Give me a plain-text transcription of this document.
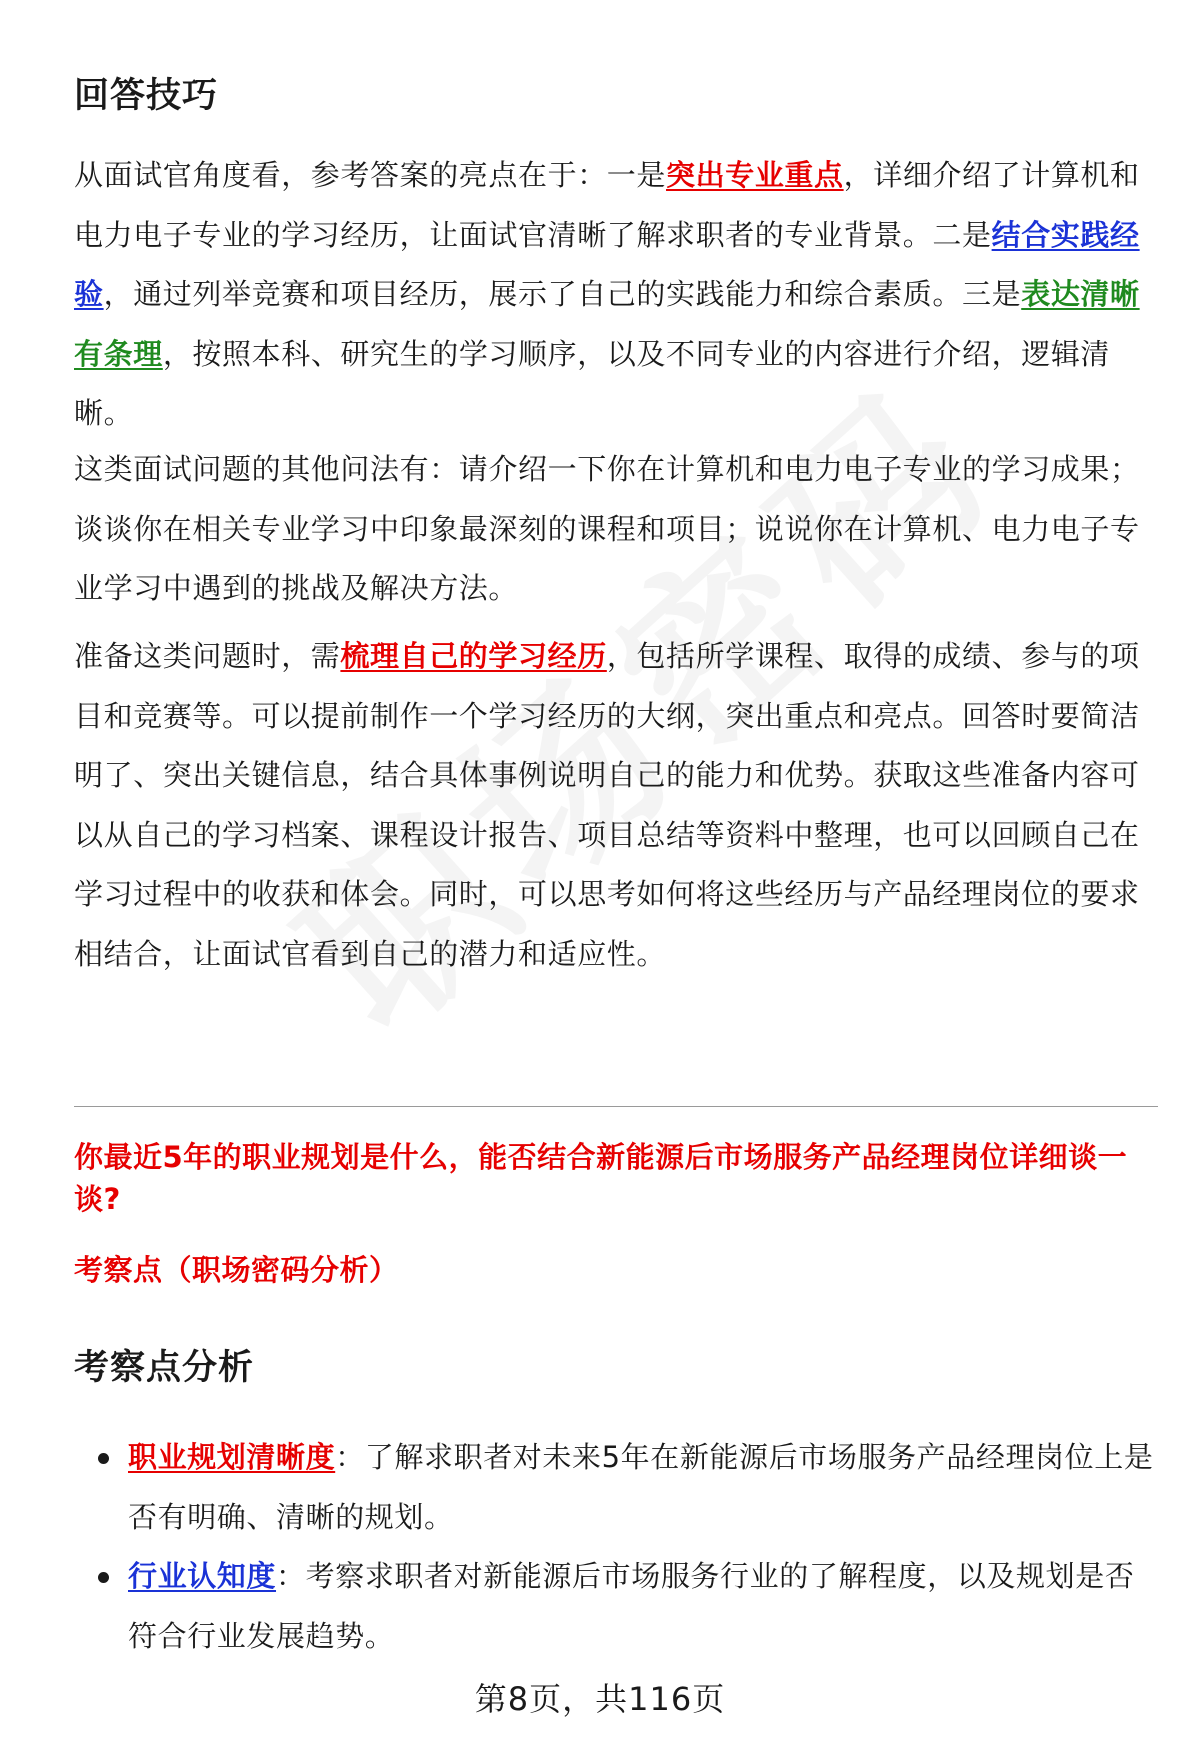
回答技巧

从面试官角度看，参考答案的亮点在于：一是突出专业重点，详细介绍了计算机和电力电子专业的学习经历，让面试官清晰了解求职者的专业背景。二是结合实践经验，通过列举竞赛和项目经历，展示了自己的实践能力和综合素质。三是表达清晰有条理，按照本科、研究生的学习顺序，以及不同专业的内容进行介绍，逻辑清晰。

这类面试问题的其他问法有：请介绍一下你在计算机和电力电子专业的学习成果；谈谈你在相关专业学习中印象最深刻的课程和项目；说说你在计算机、电力电子专业学习中遇到的挑战及解决方法。

准备这类问题时，需梳理自己的学习经历，包括所学课程、取得的成绩、参与的项目和竞赛等。可以提前制作一个学习经历的大纲，突出重点和亮点。回答时要简洁明了、突出关键信息，结合具体事例说明自己的能力和优势。获取这些准备内容可以从自己的学习档案、课程设计报告、项目总结等资料中整理，也可以回顾自己在学习过程中的收获和体会。同时，可以思考如何将这些经历与产品经理岗位的要求相结合，让面试官看到自己的潜力和适应性。

你最近5年的职业规划是什么，能否结合新能源后市场服务产品经理岗位详细谈一谈?

考察点（职场密码分析）

考察点分析
职业规划清晰度：了解求职者对未来5年在新能源后市场服务产品经理岗位上是否有明确、清晰的规划。
行业认知度：考察求职者对新能源后市场服务行业的了解程度，以及规划是否符合行业发展趋势。
第8页，共116页
